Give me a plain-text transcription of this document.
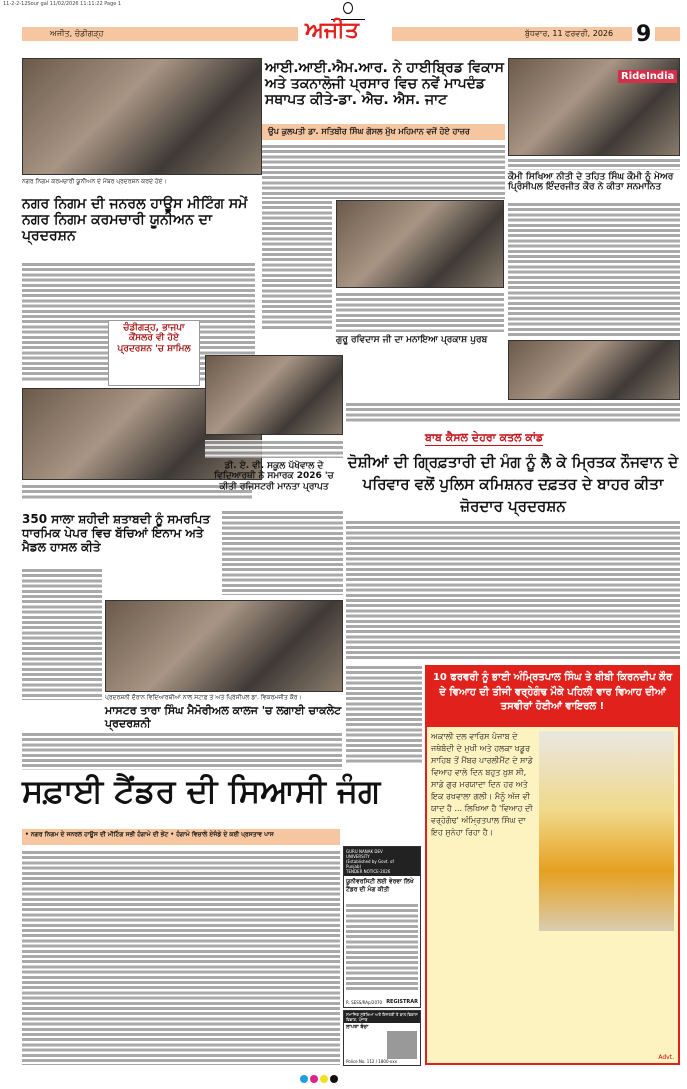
11-2-2-12Sour gal 11/02/2026 11:11:22 Page 1
ਅਜੀਤ, ਚੰਡੀਗੜ੍ਹ	ਅਜੀਤ	ਬੁੱਧਵਾਰ, 11 ਫਰਵਰੀ, 2026 9
ਨਗਰ ਨਿਗਮ ਕਰਮਚਾਰੀ ਯੂਨੀਅਨ ਦੇ ਮੈਂਬਰ ਪ੍ਰਦਰਸ਼ਨ ਕਰਦੇ ਹੋਏ।
ਨਗਰ ਨਿਗਮ ਦੀ ਜਨਰਲ ਹਾਊਸ ਮੀਟਿੰਗ ਸਮੇਂ ਨਗਰ ਨਿਗਮ ਕਰਮਚਾਰੀ ਯੂਨੀਅਨ ਦਾ ਪ੍ਰਦਰਸ਼ਨ
ਚੰਡੀਗੜ੍ਹ, ਭਾਜਪਾ ਕੌਂਸਲਰ ਵੀ ਹੋਏ ਪ੍ਰਦਰਸ਼ਨ 'ਚ ਸ਼ਾਮਿਲ
350 ਸਾਲਾ ਸ਼ਹੀਦੀ ਸ਼ਤਾਬਦੀ ਨੂੰ ਸਮਰਪਿਤ ਧਾਰਮਿਕ ਪੇਪਰ ਵਿਚ ਬੱਚਿਆਂ ਇਨਾਮ ਅਤੇ ਮੈਡਲ ਹਾਸਲ ਕੀਤੇ
ਆਈ.ਆਈ.ਐਮ.ਆਰ. ਨੇ ਹਾਈਬ੍ਰਿਡ ਵਿਕਾਸ ਅਤੇ ਤਕਨਾਲੋਜੀ ਪ੍ਰਸਾਰ ਵਿਚ ਨਵੇਂ ਮਾਪਦੰਡ ਸਥਾਪਤ ਕੀਤੇ-ਡਾ. ਐਚ. ਐਸ. ਜਾਟ
ਉਪ ਕੁਲਪਤੀ ਡਾ. ਸਤਿਬੀਰ ਸਿੰਘ ਗੋਸਲ ਮੁੱਖ ਮਹਿਮਾਨ ਵਜੋਂ ਹੋਏ ਹਾਜ਼ਰ
ਗੁਰੂ ਰਵਿਦਾਸ ਜੀ ਦਾ ਮਨਾਇਆ ਪ੍ਰਕਾਸ਼ ਪੁਰਬ
ਡੀ. ਏ. ਵੀ. ਸਕੂਲ ਪੱਖੋਵਾਲ ਦੇ ਵਿਦਿਆਰਥੀ ਨੇ ਸਮਾਰਕ 2026 'ਚ ਕੀਤੀ ਰਜਿਸਟਰੀ ਮਾਨਤਾ ਪ੍ਰਾਪਤ
RideIndia
ਕੌਮੀ ਸਿਖਿਆ ਨੀਤੀ ਦੇ ਤਹਿਤ ਸਿੰਘ ਕੌਮੀ ਨੂੰ ਮੇਅਰ ਪ੍ਰਿੰਸੀਪਲ ਇੰਦਰਜੀਤ ਕੌਰ ਨੇ ਕੀਤਾ ਸਨਮਾਨਿਤ
ਬਾਬ ਕੈਸਲ ਦੇਹਰਾ ਕਤਲ ਕਾਂਡ
ਦੋਸ਼ੀਆਂ ਦੀ ਗ੍ਰਿਫ਼ਤਾਰੀ ਦੀ ਮੰਗ ਨੂੰ ਲੈ ਕੇ ਮ੍ਰਿਤਕ ਨੌਜਵਾਨ ਦੇ ਪਰਿਵਾਰ ਵਲੋਂ ਪੁਲਿਸ ਕਮਿਸ਼ਨਰ ਦਫ਼ਤਰ ਦੇ ਬਾਹਰ ਕੀਤਾ ਜ਼ੋਰਦਾਰ ਪ੍ਰਦਰਸ਼ਨ
ਪ੍ਰਦਰਸ਼ਨੀ ਦੌਰਾਨ ਵਿਦਿਆਰਥੀਆਂ ਨਾਲ ਸਟਾਫ਼ ਤੇ ਅਤੇ ਪ੍ਰਿੰਸੀਪਲ ਡਾ. ਵਿਕਰਮਜੀਤ ਕੌਰ।
ਮਾਸਟਰ ਤਾਰਾ ਸਿੰਘ ਮੈਮੋਰੀਅਲ ਕਾਲਜ 'ਚ ਲਗਾਈ ਚਾਕਲੇਟ ਪ੍ਰਦਰਸ਼ਨੀ
ਸਫ਼ਾਈ ਟੈਂਡਰ ਦੀ ਸਿਆਸੀ ਜੰਗ
• ਨਗਰ ਨਿਗਮ ਦੇ ਜਨਰਲ ਹਾਊਸ ਦੀ ਮੀਟਿੰਗ ਸਭੀ ਹੰਗਾਮੇ ਦੀ ਭੇਂਟ • ਹੰਗਾਮੇ ਵਿਚਾਲੇ ਏਜੰਡੇ ਦੇ ਕਈ ਪ੍ਰਸਤਾਵ ਪਾਸ
GURU NANAK DEV UNIVERSITY
(Established by Govt. of Punjab)
TENDER NOTICE-2026
ਯੂਨੀਵਰਸਿਟੀ ਲਈ ਵੇਰਵਾ ਲਿਖੇ ਟੈਂਡਰ ਦੀ ਮੰਗ ਕੀਤੀ
R. SESS/RAp/2070 REGISTRAR
ਸਮਾਜਿਕ ਸੁਰੱਖਿਆ ਅਤੇ ਇਸਤਰੀ ਤੇ ਬਾਲ ਵਿਕਾਸ ਵਿਭਾਗ, ਪੰਜਾਬ
ਲਾਪਤਾ ਬੱਚਾ
Police No. 112 / 1800-xxx
10 ਫਰਵਰੀ ਨੂੰ ਭਾਈ ਅੰਮ੍ਰਿਤਪਾਲ ਸਿੰਘ ਤੇ ਬੀਬੀ ਕਿਰਨਦੀਪ ਕੌਰ ਦੇ ਵਿਆਹ ਦੀ ਤੀਜੀ ਵਰ੍ਹੇਗੰਢ ਮੌਕੇ ਪਹਿਲੀ ਵਾਰ ਵਿਆਹ ਦੀਆਂ ਤਸਵੀਰਾਂ ਹੋਈਆਂ ਵਾਇਰਲ !
ਅਕਾਲੀ ਦਲ ਵਾਰਿਸ ਪੰਜਾਬ ਦੇ ਜਥੇਬੰਦੀ ਦੇ ਮੁਖੀ ਅਤੇ ਹਲਕਾ ਖਡੂਰ ਸਾਹਿਬ ਤੋਂ ਮੈਂਬਰ ਪਾਰਲੀਮੈਂਟ ਦੇ ਸਾਡੇ ਵਿਆਹ ਵਾਲੇ ਦਿਨ ਬਹੁਤ ਖ਼ੁਸ਼ ਸੀ, ਸਾਡੇ ਗੁਰ ਮਰਯਾਦਾ ਦਿਨ ਹਰ ਅਤੇ ਇਕ ਰਖਵਾਲਾ ਗਲੀ। ਮੈਨੂੰ ਅੱਜ ਵੀ ਯਾਦ ਹੈ ... ਲਿਖਿਆ ਹੈ 'ਵਿਆਹ ਦੀ ਵਰ੍ਹੇਗੰਢ' ਅੰਮ੍ਰਿਤਪਾਲ ਸਿੰਘ ਦਾ ਇਹ ਸੁਨੇਹਾ ਰਿਹਾ ਹੈ।
Advt.
